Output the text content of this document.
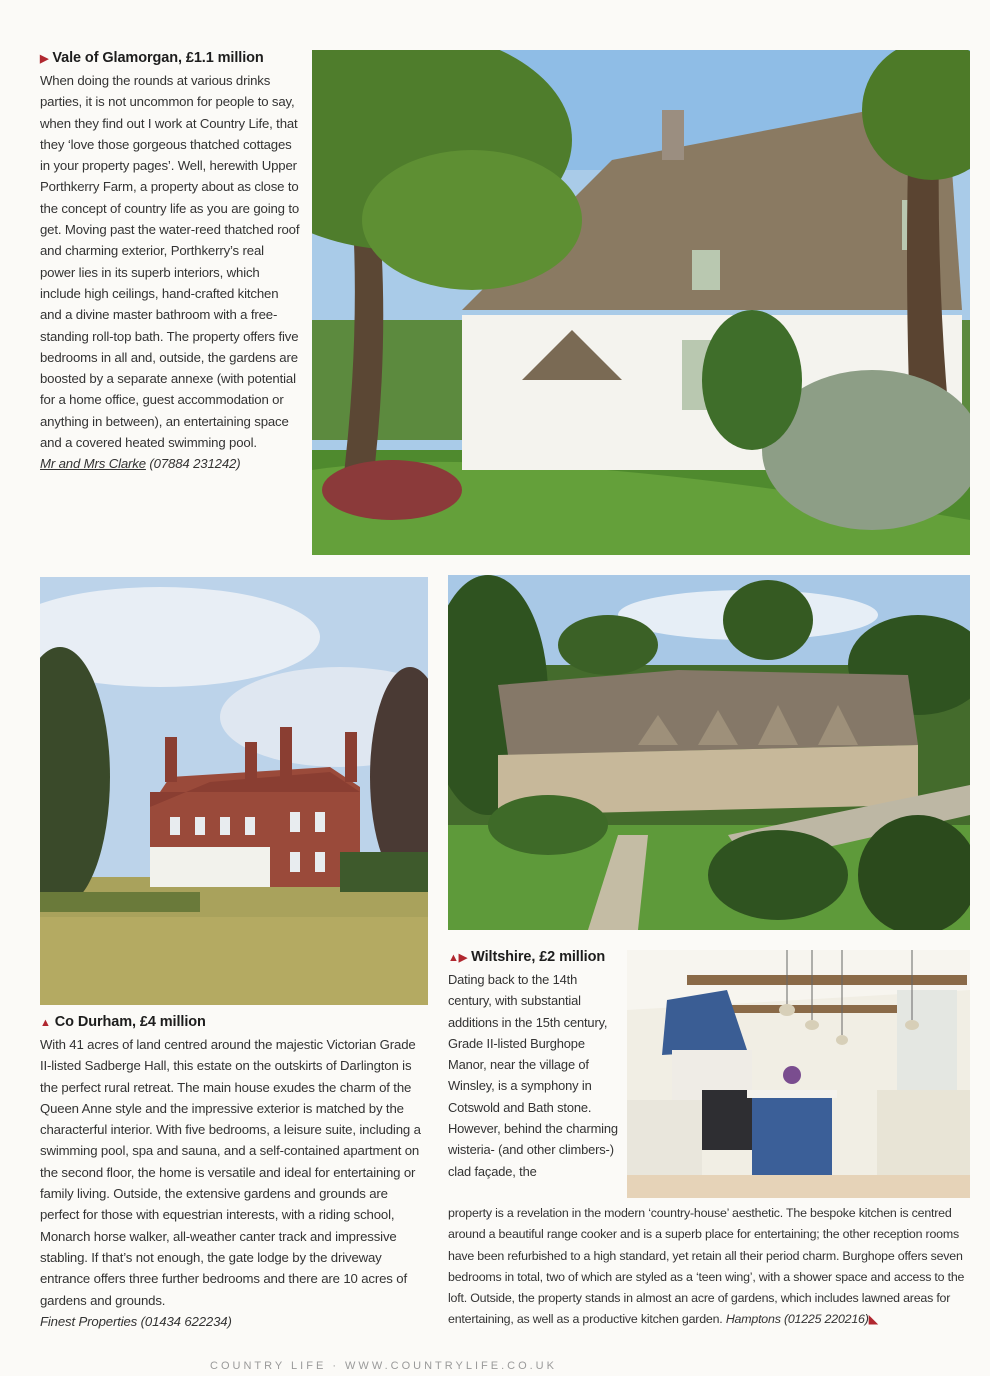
▶ Vale of Glamorgan, £1.1 million
When doing the rounds at various drinks parties, it is not uncommon for people to say, when they find out I work at Country Life, that they ‘love those gorgeous thatched cottages in your property pages’. Well, herewith Upper Porthkerry Farm, a property about as close to the concept of country life as you are going to get. Moving past the water-reed thatched roof and charming exterior, Porthkerry’s real power lies in its superb interiors, which include high ceilings, hand-crafted kitchen and a divine master bathroom with a free-standing roll-top bath. The property offers five bedrooms in all and, outside, the gardens are boosted by a separate annexe (with potential for a home office, guest accommodation or anything in between), an entertaining space and a covered heated swimming pool.
Mr and Mrs Clarke (07884 231242)
▲ Co Durham, £4 million
With 41 acres of land centred around the majestic Victorian Grade II-listed Sadberge Hall, this estate on the outskirts of Darlington is the perfect rural retreat. The main house exudes the charm of the Queen Anne style and the impressive exterior is matched by the characterful interior. With five bedrooms, a leisure suite, including a swimming pool, spa and sauna, and a self-contained apartment on the second floor, the home is versatile and ideal for entertaining or family living. Outside, the extensive gardens and grounds are perfect for those with equestrian interests, with a riding school, Monarch horse walker, all-weather canter track and impressive stabling. If that’s not enough, the gate lodge by the driveway entrance offers three further bedrooms and there are 10 acres of gardens and grounds.
Finest Properties (01434 622234)
▲▶ Wiltshire, £2 million
Dating back to the 14th century, with substantial additions in the 15th century, Grade II-listed Burghope Manor, near the village of Winsley, is a symphony in Cotswold and Bath stone. However, behind the charming wisteria- (and other climbers-) clad façade, the
property is a revelation in the modern ‘country-house’ aesthetic. The bespoke kitchen is centred around a beautiful range cooker and is a superb place for entertaining; the other reception rooms have been refurbished to a high standard, yet retain all their period charm. Burghope offers seven bedrooms in total, two of which are styled as a ‘teen wing’, with a shower space and access to the loft. Outside, the property stands in almost an acre of gardens, which includes lawned areas for entertaining, as well as a productive kitchen garden. Hamptons (01225 220216)◣
COUNTRY LIFE · WWW.COUNTRYLIFE.CO.UK
